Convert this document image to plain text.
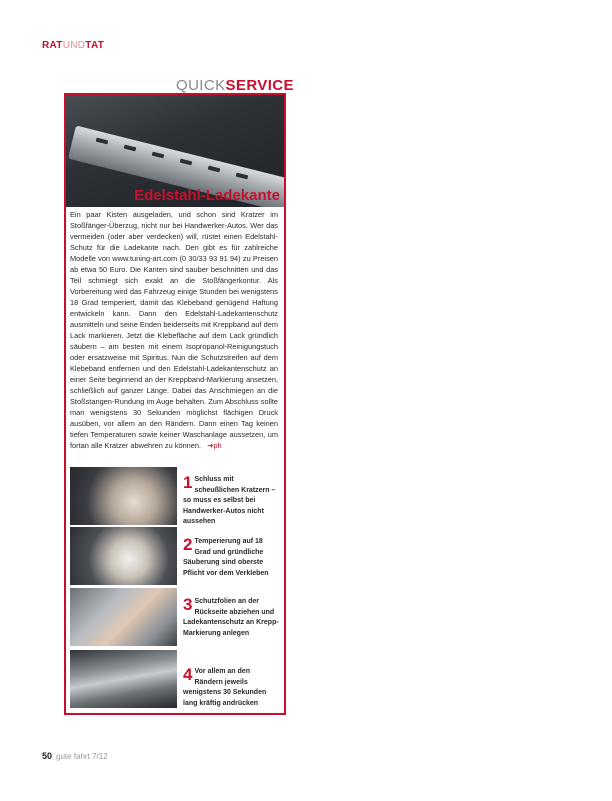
RATUNDTAT
QUICKSERVICE
Edelstahl-Ladekante
Ein paar Kisten ausgeladen, und schon sind Kratzer im Stoßfänger-Überzug, nicht nur bei Handwerker-Autos. Wer das vermeiden (oder aber verdecken) will, rüstet einen Edelstahl-Schutz für die Ladekante nach. Den gibt es für zahlreiche Modelle von www.tuning-art.com (0 30/33 93 91 94) zu Preisen ab etwa 50 Euro. Die Kanten sind sauber beschnitten und das Teil schmiegt sich exakt an die Stoßfängerkontur. Als Vorbereitung wird das Fahrzeug einige Stunden bei wenigstens 18 Grad temperiert, damit das Klebeband genügend Haftung entwickeln kann. Dann den Edelstahl-Ladekantenschutz ausmitteln und seine Enden beiderseits mit Kreppband auf dem Lack markieren. Jetzt die Klebefläche auf dem Lack gründlich säubern – am besten mit einem Isopropanol-Reinigungstuch oder ersatzweise mit Spiritus. Nun die Schutzstreifen auf dem Klebeband entfernen und den Edelstahl-Ladekantenschutz an einer Seite beginnend an der Kreppband-Markierung ansetzen, schließlich auf ganzer Länge. Dabei das Anschmiegen an die Stoßstangen-Rundung im Auge behalten. Zum Abschluss sollte man wenigstens 30 Sekunden möglichst flächigen Druck ausüben, vor allem an den Rändern. Dann einen Tag keinen tiefen Temperaturen sowie keiner Waschanlage aussetzen, um fortan alle Kratzer abwehren zu können.   ➜ph
1 Schluss mit scheußlichen Kratzern – so muss es selbst bei Handwerker-Autos nicht aussehen
2 Temperierung auf 18 Grad und gründliche Säuberung sind oberste Pflicht vor dem Verkleben
3 Schutzfolien an der Rückseite abziehen und Ladekantenschutz an Krepp-Markierung anlegen
4 Vor allem an den Rändern jeweils wenigstens 30 Sekunden lang kräftig andrücken
50 gute fahrt 7/12
